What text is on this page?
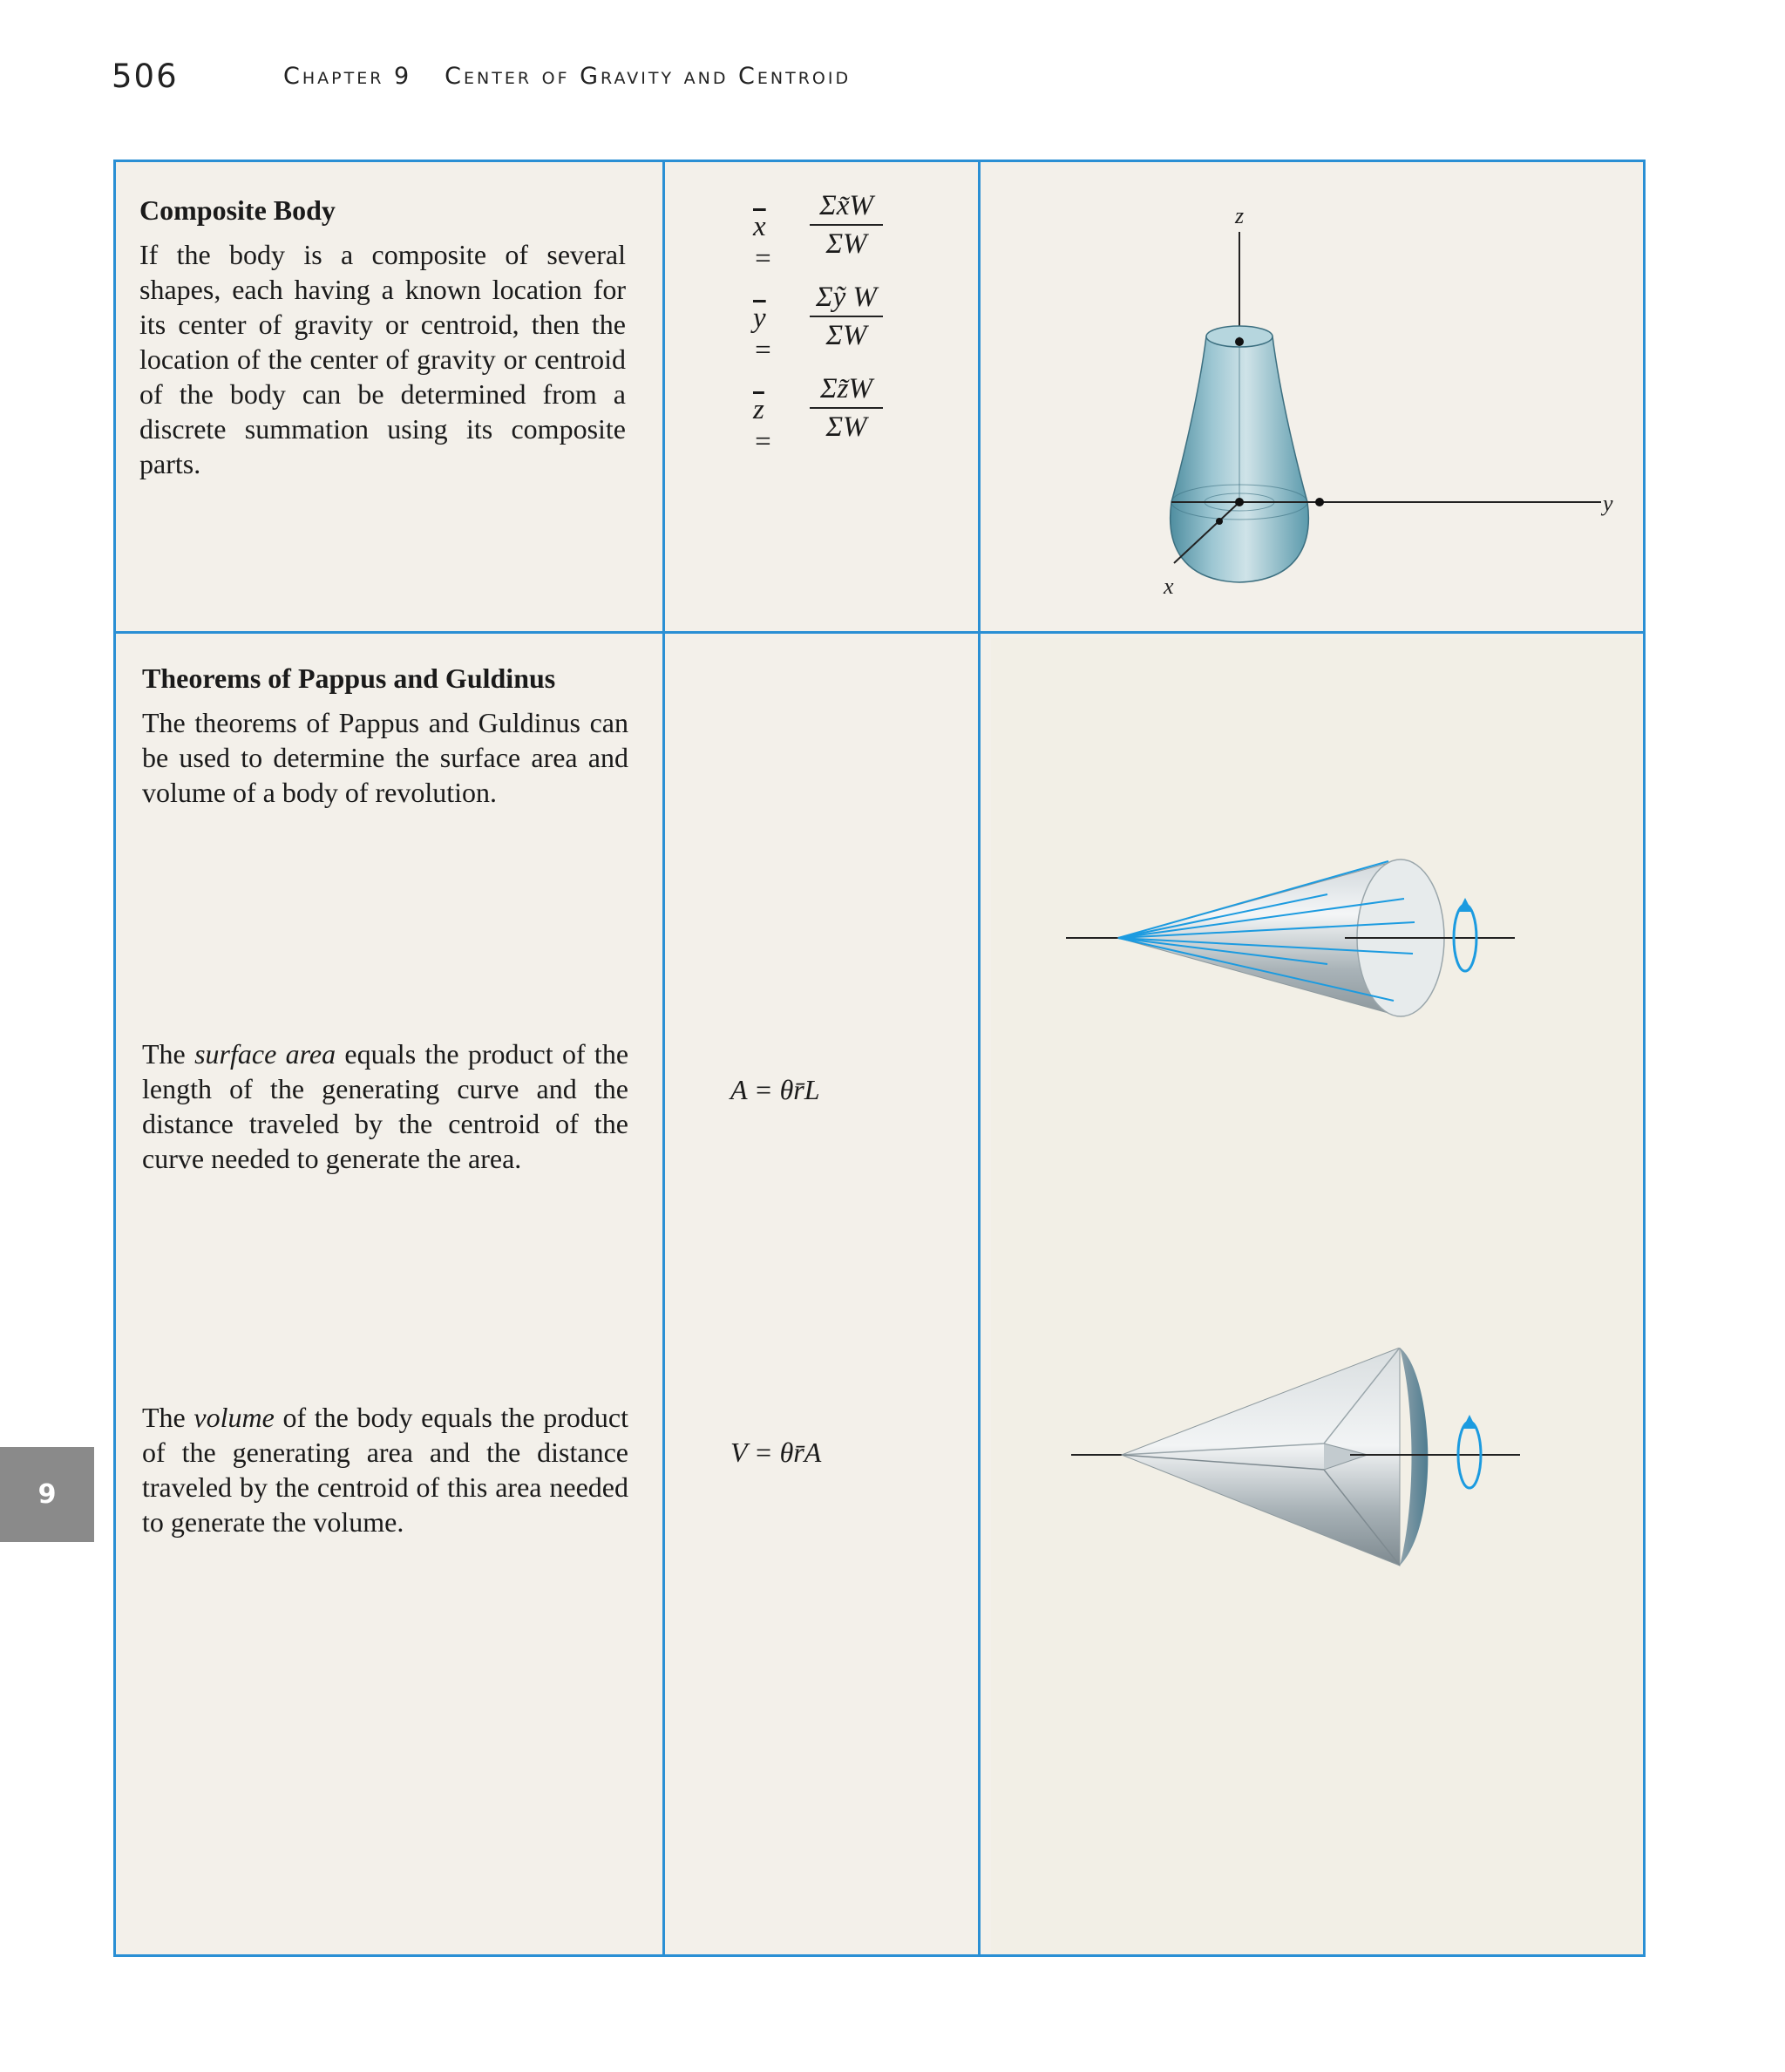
506	Chapter 9 Center of Gravity and Centroid
Composite Body
If the body is a composite of several shapes, each having a known location for its center of gravity or centroid, then the location of the center of gravity or centroid of the body can be determined from a discrete summation using its composite parts.
$\overline{x}$ =
Σx̃W
ΣW
$\overline{y}$ =
Σỹ W
ΣW
$\overline{z}$ =
Σz̃W
ΣW
z
y
x
Theorems of Pappus and Guldinus
The theorems of Pappus and Guldinus can be used to determine the surface area and volume of a body of revolution.
The surface area equals the product of the length of the generating curve and the distance traveled by the centroid of the curve needed to generate the area.
A = θr̄L
The volume of the body equals the product of the generating area and the distance traveled by the centroid of this area needed to generate the volume.
V = θr̄A
9
